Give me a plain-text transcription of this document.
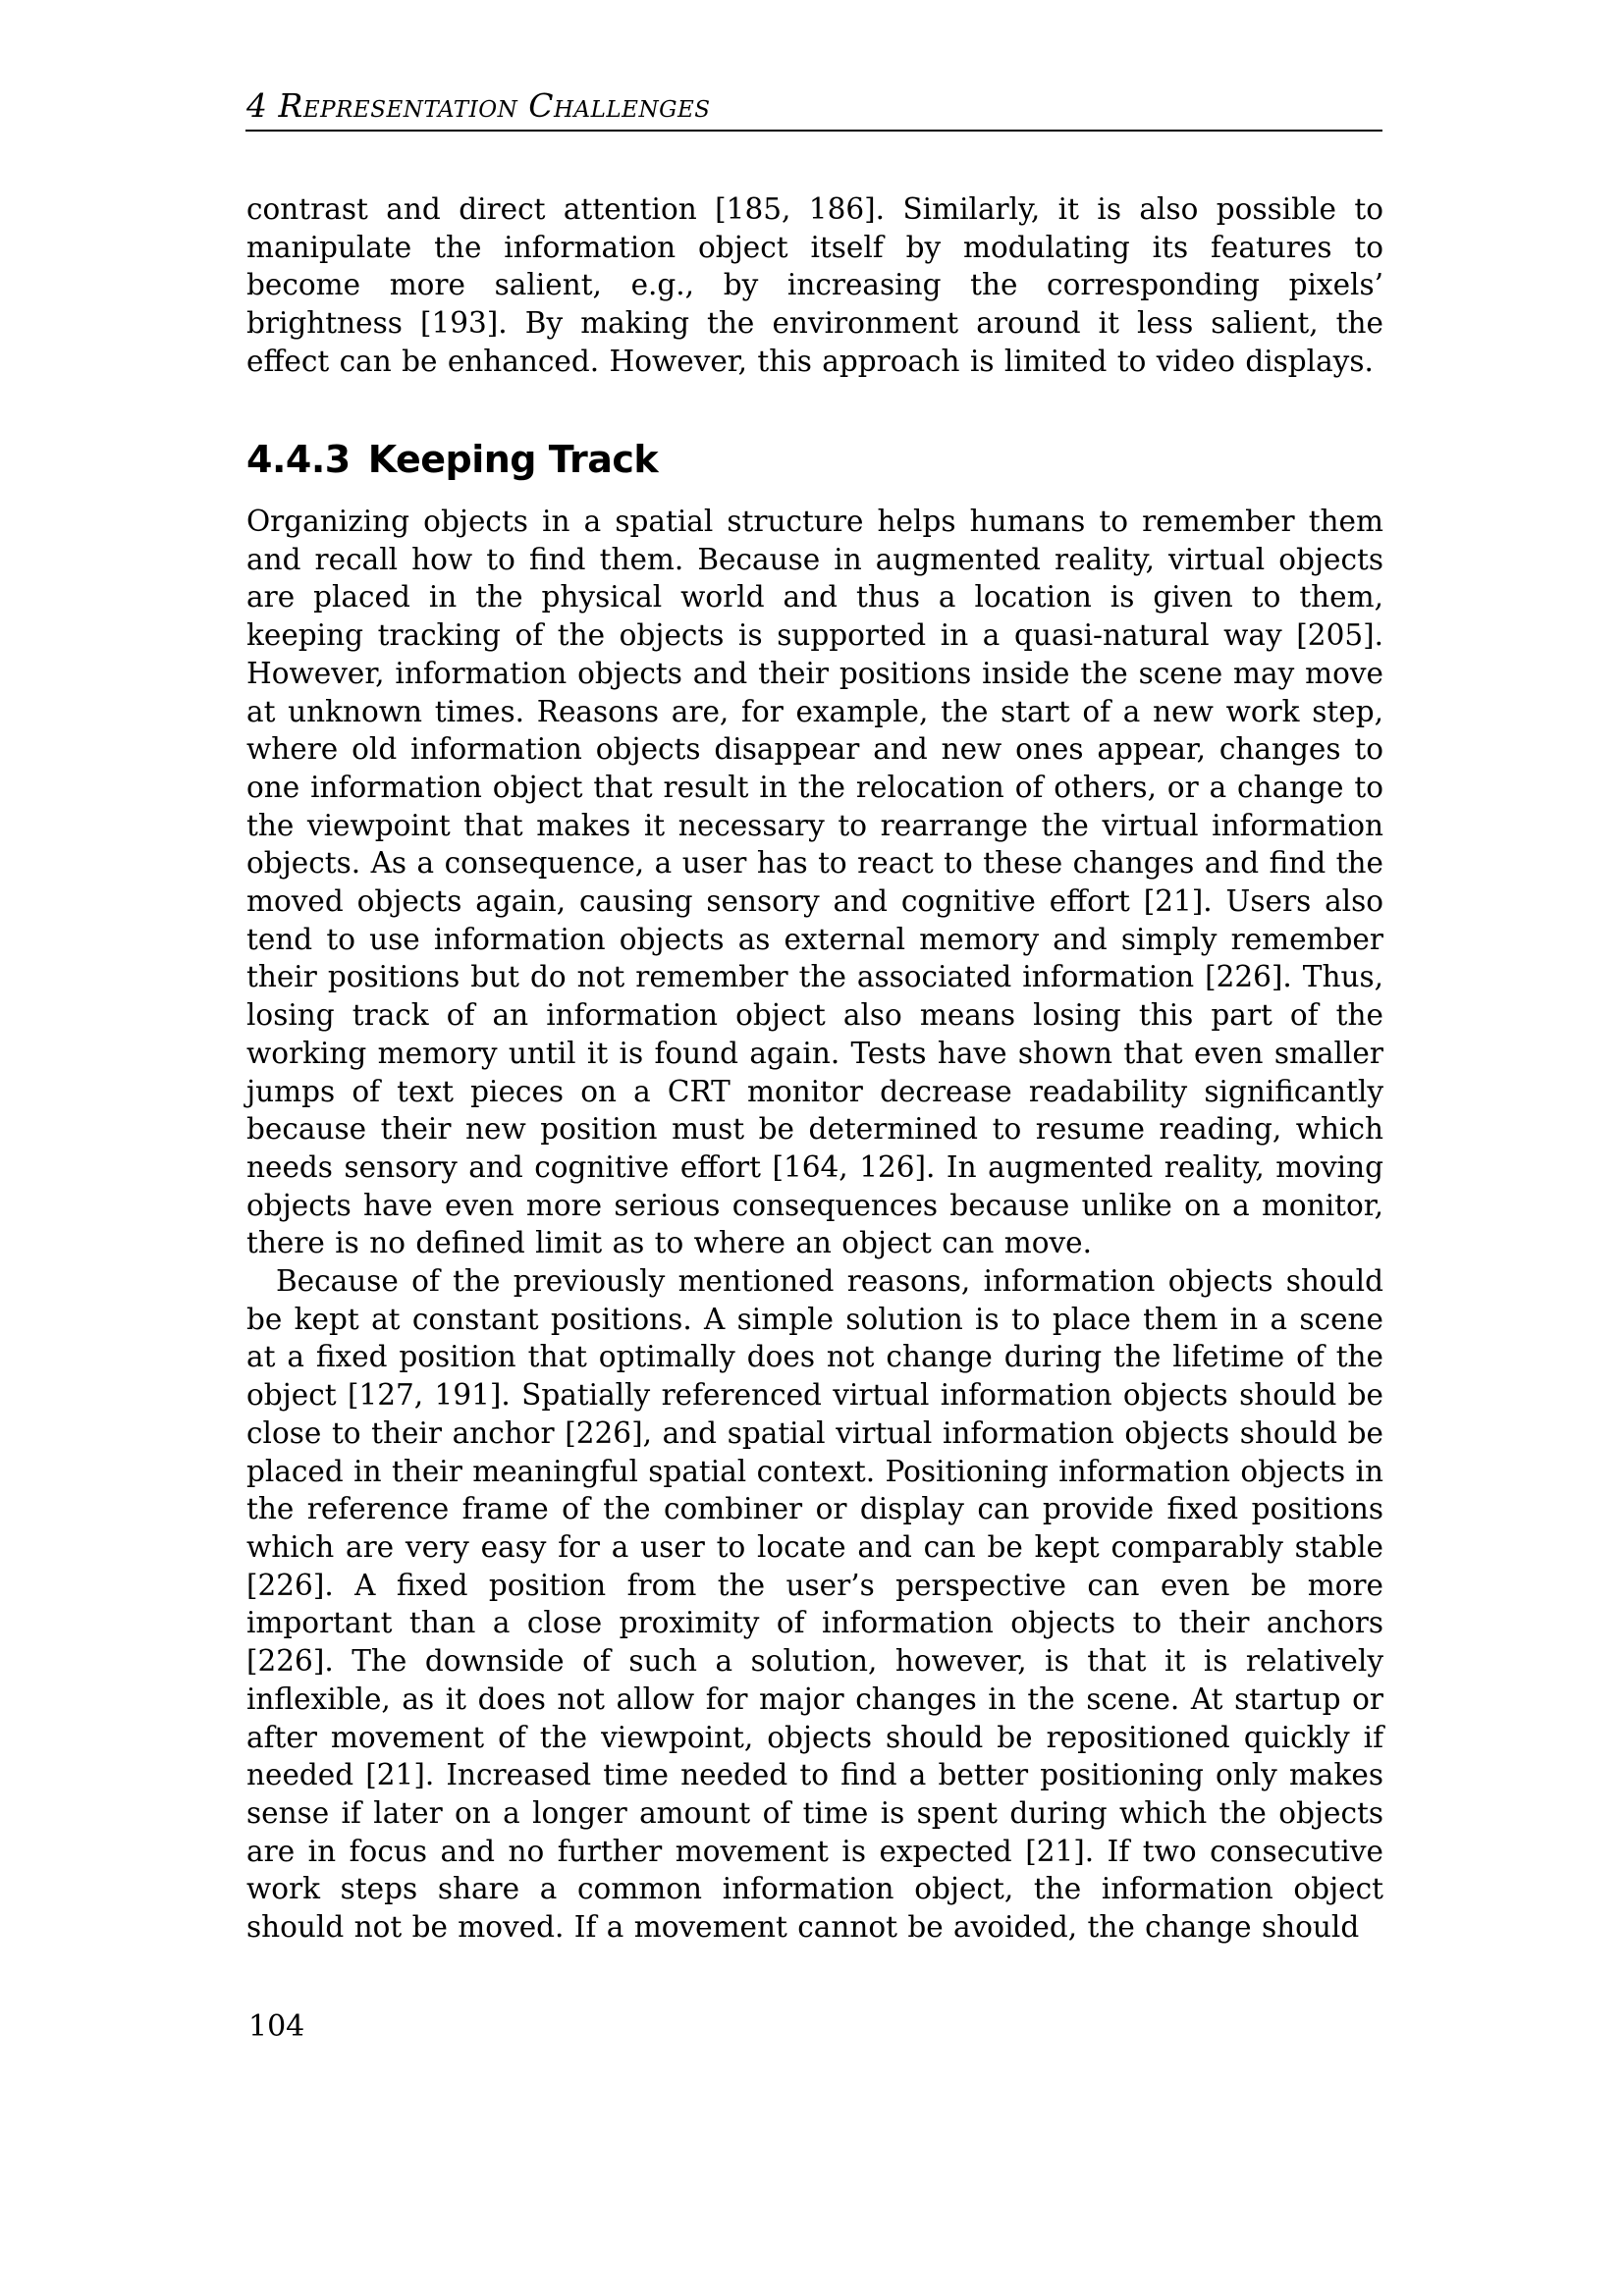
4 Representation Challenges

contrast and direct attention [185, 186]. Similarly, it is also possible to manipulate the information object itself by modulating its features to become more salient, e.g., by increasing the corresponding pixels’ brightness [193]. By making the environment around it less salient, the effect can be enhanced. However, this approach is limited to video displays.

4.4.3 Keeping Track

Organizing objects in a spatial structure helps humans to remember them and recall how to find them. Because in augmented reality, virtual objects are placed in the physical world and thus a location is given to them, keeping tracking of the objects is supported in a quasi-natural way [205]. However, information objects and their positions inside the scene may move at unknown times. Reasons are, for example, the start of a new work step, where old information objects disappear and new ones appear, changes to one information object that result in the relocation of others, or a change to the viewpoint that makes it necessary to rearrange the virtual information objects. As a consequence, a user has to react to these changes and find the moved objects again, causing sensory and cognitive effort [21]. Users also tend to use information objects as external memory and simply remember their positions but do not remember the associated information [226]. Thus, losing track of an information object also means losing this part of the working memory until it is found again. Tests have shown that even smaller jumps of text pieces on a CRT monitor decrease readability significantly because their new position must be determined to resume reading, which needs sensory and cognitive effort [164, 126]. In augmented reality, moving objects have even more serious consequences because unlike on a monitor, there is no defined limit as to where an object can move.

Because of the previously mentioned reasons, information objects should be kept at constant positions. A simple solution is to place them in a scene at a fixed position that optimally does not change during the lifetime of the object [127, 191]. Spatially referenced virtual information objects should be close to their anchor [226], and spatial virtual information objects should be placed in their meaningful spatial context. Positioning information objects in the reference frame of the combiner or display can provide fixed positions which are very easy for a user to locate and can be kept comparably stable [226]. A fixed position from the user’s perspective can even be more important than a close proximity of information objects to their anchors [226]. The downside of such a solution, however, is that it is relatively inflexible, as it does not allow for major changes in the scene. At startup or after movement of the viewpoint, objects should be repositioned quickly if needed [21]. Increased time needed to find a better positioning only makes sense if later on a longer amount of time is spent during which the objects are in focus and no further movement is expected [21]. If two consecutive work steps share a common information object, the information object should not be moved. If a movement cannot be avoided, the change should

104
